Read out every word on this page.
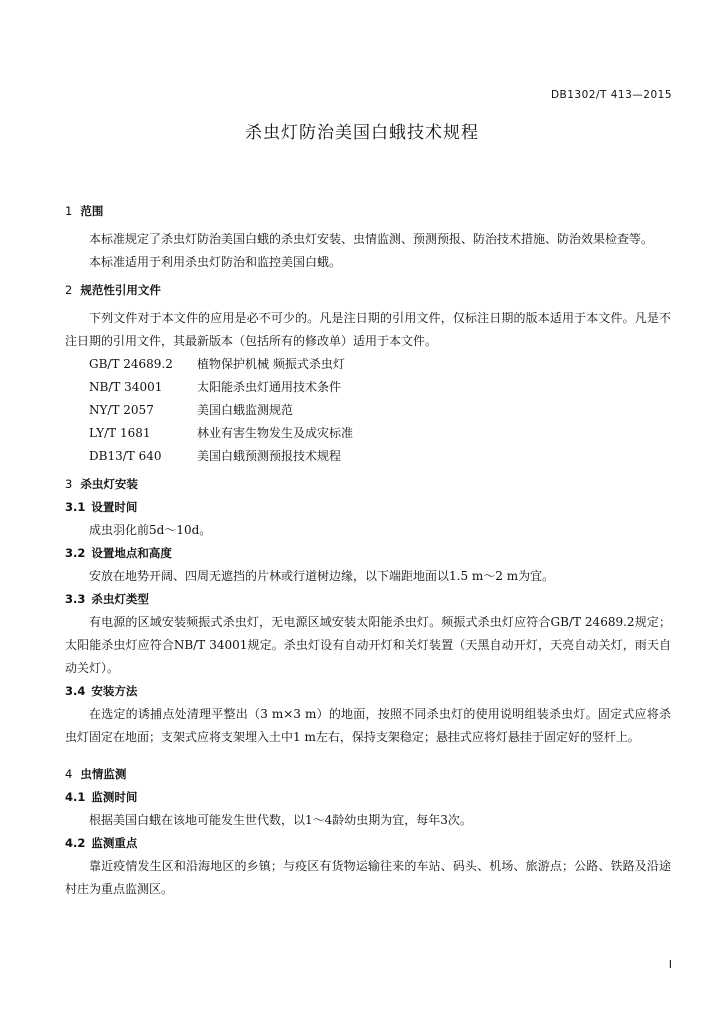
DB1302/T 413—2015
杀虫灯防治美国白蛾技术规程
1 范围

本标准规定了杀虫灯防治美国白蛾的杀虫灯安装、虫情监测、预测预报、防治技术措施、防治效果检查等。

本标准适用于利用杀虫灯防治和监控美国白蛾。

2 规范性引用文件

下列文件对于本文件的应用是必不可少的。凡是注日期的引用文件，仅标注日期的版本适用于本文件。凡是不注日期的引用文件，其最新版本（包括所有的修改单）适用于本文件。

GB/T 24689.2	植物保护机械 频振式杀虫灯
NB/T 34001	太阳能杀虫灯通用技术条件
NY/T 2057	美国白蛾监测规范
LY/T 1681	林业有害生物发生及成灾标准
DB13/T 640	美国白蛾预测预报技术规程
3 杀虫灯安装
3.1 设置时间

成虫羽化前5d～10d。

3.2 设置地点和高度

安放在地势开阔、四周无遮挡的片林或行道树边缘，以下端距地面以1.5 m～2 m为宜。

3.3 杀虫灯类型

有电源的区域安装频振式杀虫灯，无电源区域安装太阳能杀虫灯。频振式杀虫灯应符合GB/T 24689.2规定；太阳能杀虫灯应符合NB/T 34001规定。杀虫灯设有自动开灯和关灯装置（天黑自动开灯，天亮自动关灯，雨天自动关灯）。

3.4 安装方法

在选定的诱捕点处清理平整出（3 m×3 m）的地面，按照不同杀虫灯的使用说明组装杀虫灯。固定式应将杀虫灯固定在地面；支架式应将支架埋入土中1 m左右，保持支架稳定；悬挂式应将灯悬挂于固定好的竖杆上。

4 虫情监测
4.1 监测时间

根据美国白蛾在该地可能发生世代数，以1～4龄幼虫期为宜，每年3次。

4.2 监测重点

靠近疫情发生区和沿海地区的乡镇；与疫区有货物运输往来的车站、码头、机场、旅游点；公路、铁路及沿途村庄为重点监测区。

I
